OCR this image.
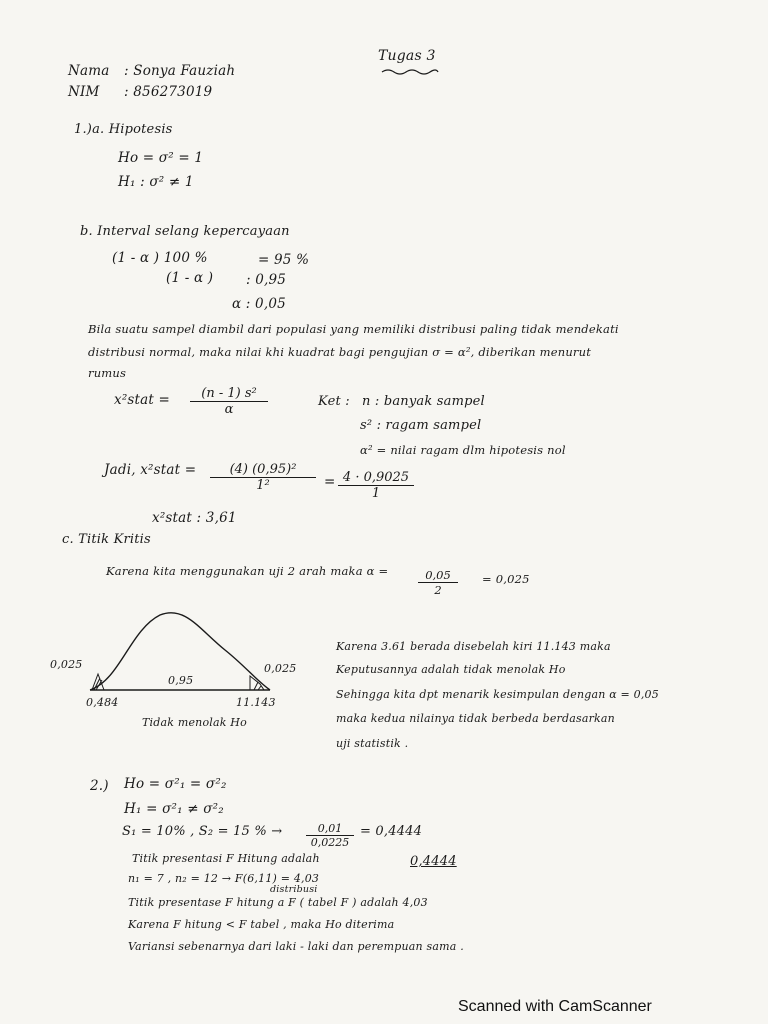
Tugas 3
Nama : Sonya Fauziah
NIM : 856273019
1.)a. Hipotesis
Ho = σ² = 1
H₁ : σ² ≠ 1
b. Interval selang kepercayaan
(1 - α ) 100 %	= 95 %
(1 - α ) : 0,95
α : 0,05
Bila suatu sampel diambil dari populasi yang memiliki distribusi paling tidak mendekati
distribusi normal, maka nilai khi kuadrat bagi pengujian σ = α², diberikan menurut
rumus
x²stat = $\frac{\text{(n - 1) s²}}{\alpha}$	Ket : n : banyak sampel
s² : ragam sampel
α² = nilai ragam dlm hipotesis nol
Jadi, x²stat = $\frac{\text{(4) (0,95)²}}{\text{1²}} = \frac{4 \cdot 0,9025}{1}$
x²stat : 3,61
c. Titik Kritis
Karena kita menggunakan uji 2 arah maka α =	$\frac{0,05}{2} = 0,025$
0,025	0,025
0,95
0,484	11.143
Tidak menolak Ho
Karena 3.61 berada disebelah kiri 11.143 maka
Keputusannya adalah tidak menolak Ho
Sehingga kita dpt menarik kesimpulan dengan α = 0,05
maka kedua nilainya tidak berbeda berdasarkan
uji statistik .
2.) Ho = σ²₁ = σ²₂
H₁ = σ²₁ ≠ σ²₂
S₁ = 10% , S₂ = 15 % → $\frac{0,01}{0,0225} = 0,4444$
Titik presentasi F Hitung adalah	0,4444
n₁ = 7 , n₂ = 12 → F(6,11) = 4,03
distribusi
Titik presentase F hitung a F ( tabel F ) adalah 4,03
Karena F hitung < F tabel , maka Ho diterima
Variansi sebenarnya dari laki - laki dan perempuan sama .
Scanned with CamScanner
